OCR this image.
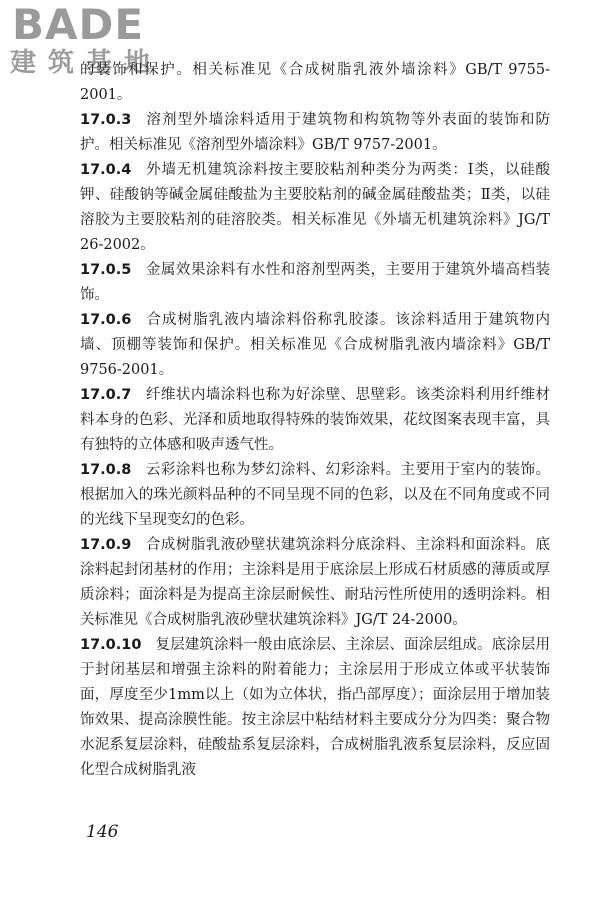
BADE
建筑基地

的装饰和保护。相关标准见《合成树脂乳液外墙涂料》GB/T 9755-2001。

17.0.3 溶剂型外墙涂料适用于建筑物和构筑物等外表面的装饰和防护。相关标准见《溶剂型外墙涂料》GB/T 9757-2001。

17.0.4 外墙无机建筑涂料按主要胶粘剂种类分为两类：Ⅰ类，以硅酸钾、硅酸钠等碱金属硅酸盐为主要胶粘剂的碱金属硅酸盐类；Ⅱ类，以硅溶胶为主要胶粘剂的硅溶胶类。相关标准见《外墙无机建筑涂料》JG/T 26-2002。

17.0.5 金属效果涂料有水性和溶剂型两类，主要用于建筑外墙高档装饰。

17.0.6 合成树脂乳液内墙涂料俗称乳胶漆。该涂料适用于建筑物内墙、顶棚等装饰和保护。相关标准见《合成树脂乳液内墙涂料》GB/T 9756-2001。

17.0.7 纤维状内墙涂料也称为好涂壁、思壁彩。该类涂料利用纤维材料本身的色彩、光泽和质地取得特殊的装饰效果，花纹图案表现丰富，具有独特的立体感和吸声透气性。

17.0.8 云彩涂料也称为梦幻涂料、幻彩涂料。主要用于室内的装饰。根据加入的珠光颜料品种的不同呈现不同的色彩，以及在不同角度或不同的光线下呈现变幻的色彩。

17.0.9 合成树脂乳液砂壁状建筑涂料分底涂料、主涂料和面涂料。底涂料起封闭基材的作用；主涂料是用于底涂层上形成石材质感的薄质或厚质涂料；面涂料是为提高主涂层耐候性、耐玷污性所使用的透明涂料。相关标准见《合成树脂乳液砂壁状建筑涂料》JG/T 24-2000。

17.0.10 复层建筑涂料一般由底涂层、主涂层、面涂层组成。底涂层用于封闭基层和增强主涂料的附着能力；主涂层用于形成立体或平状装饰面，厚度至少1mm以上（如为立体状，指凸部厚度）；面涂层用于增加装饰效果、提高涂膜性能。按主涂层中粘结材料主要成分分为四类：聚合物水泥系复层涂料，硅酸盐系复层涂料，合成树脂乳液系复层涂料，反应固化型合成树脂乳液

146
